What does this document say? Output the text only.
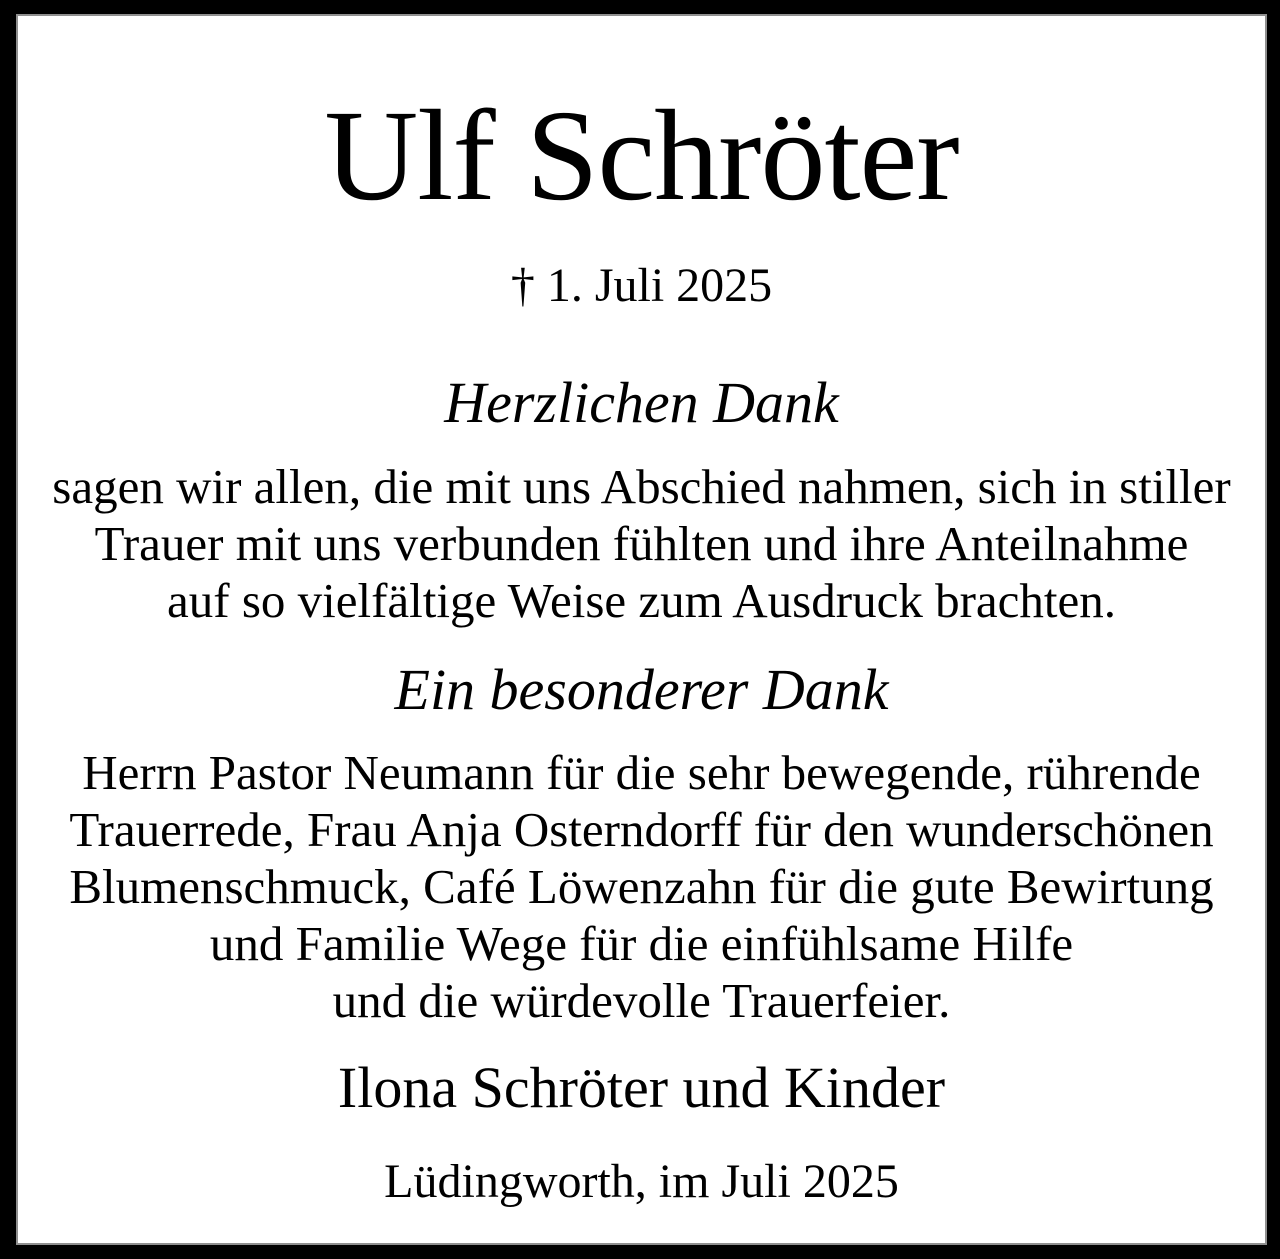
Ulf Schröter
† 1. Juli 2025
Herzlichen Dank
sagen wir allen, die mit uns Abschied nahmen, sich in stiller
Trauer mit uns verbunden fühlten und ihre Anteilnahme
auf so vielfältige Weise zum Ausdruck brachten.
Ein besonderer Dank
Herrn Pastor Neumann für die sehr bewegende, rührende
Trauerrede, Frau Anja Osterndorff für den wunderschönen
Blumenschmuck, Café Löwenzahn für die gute Bewirtung
und Familie Wege für die einfühlsame Hilfe
und die würdevolle Trauerfeier.
Ilona Schröter und Kinder
Lüdingworth, im Juli 2025
